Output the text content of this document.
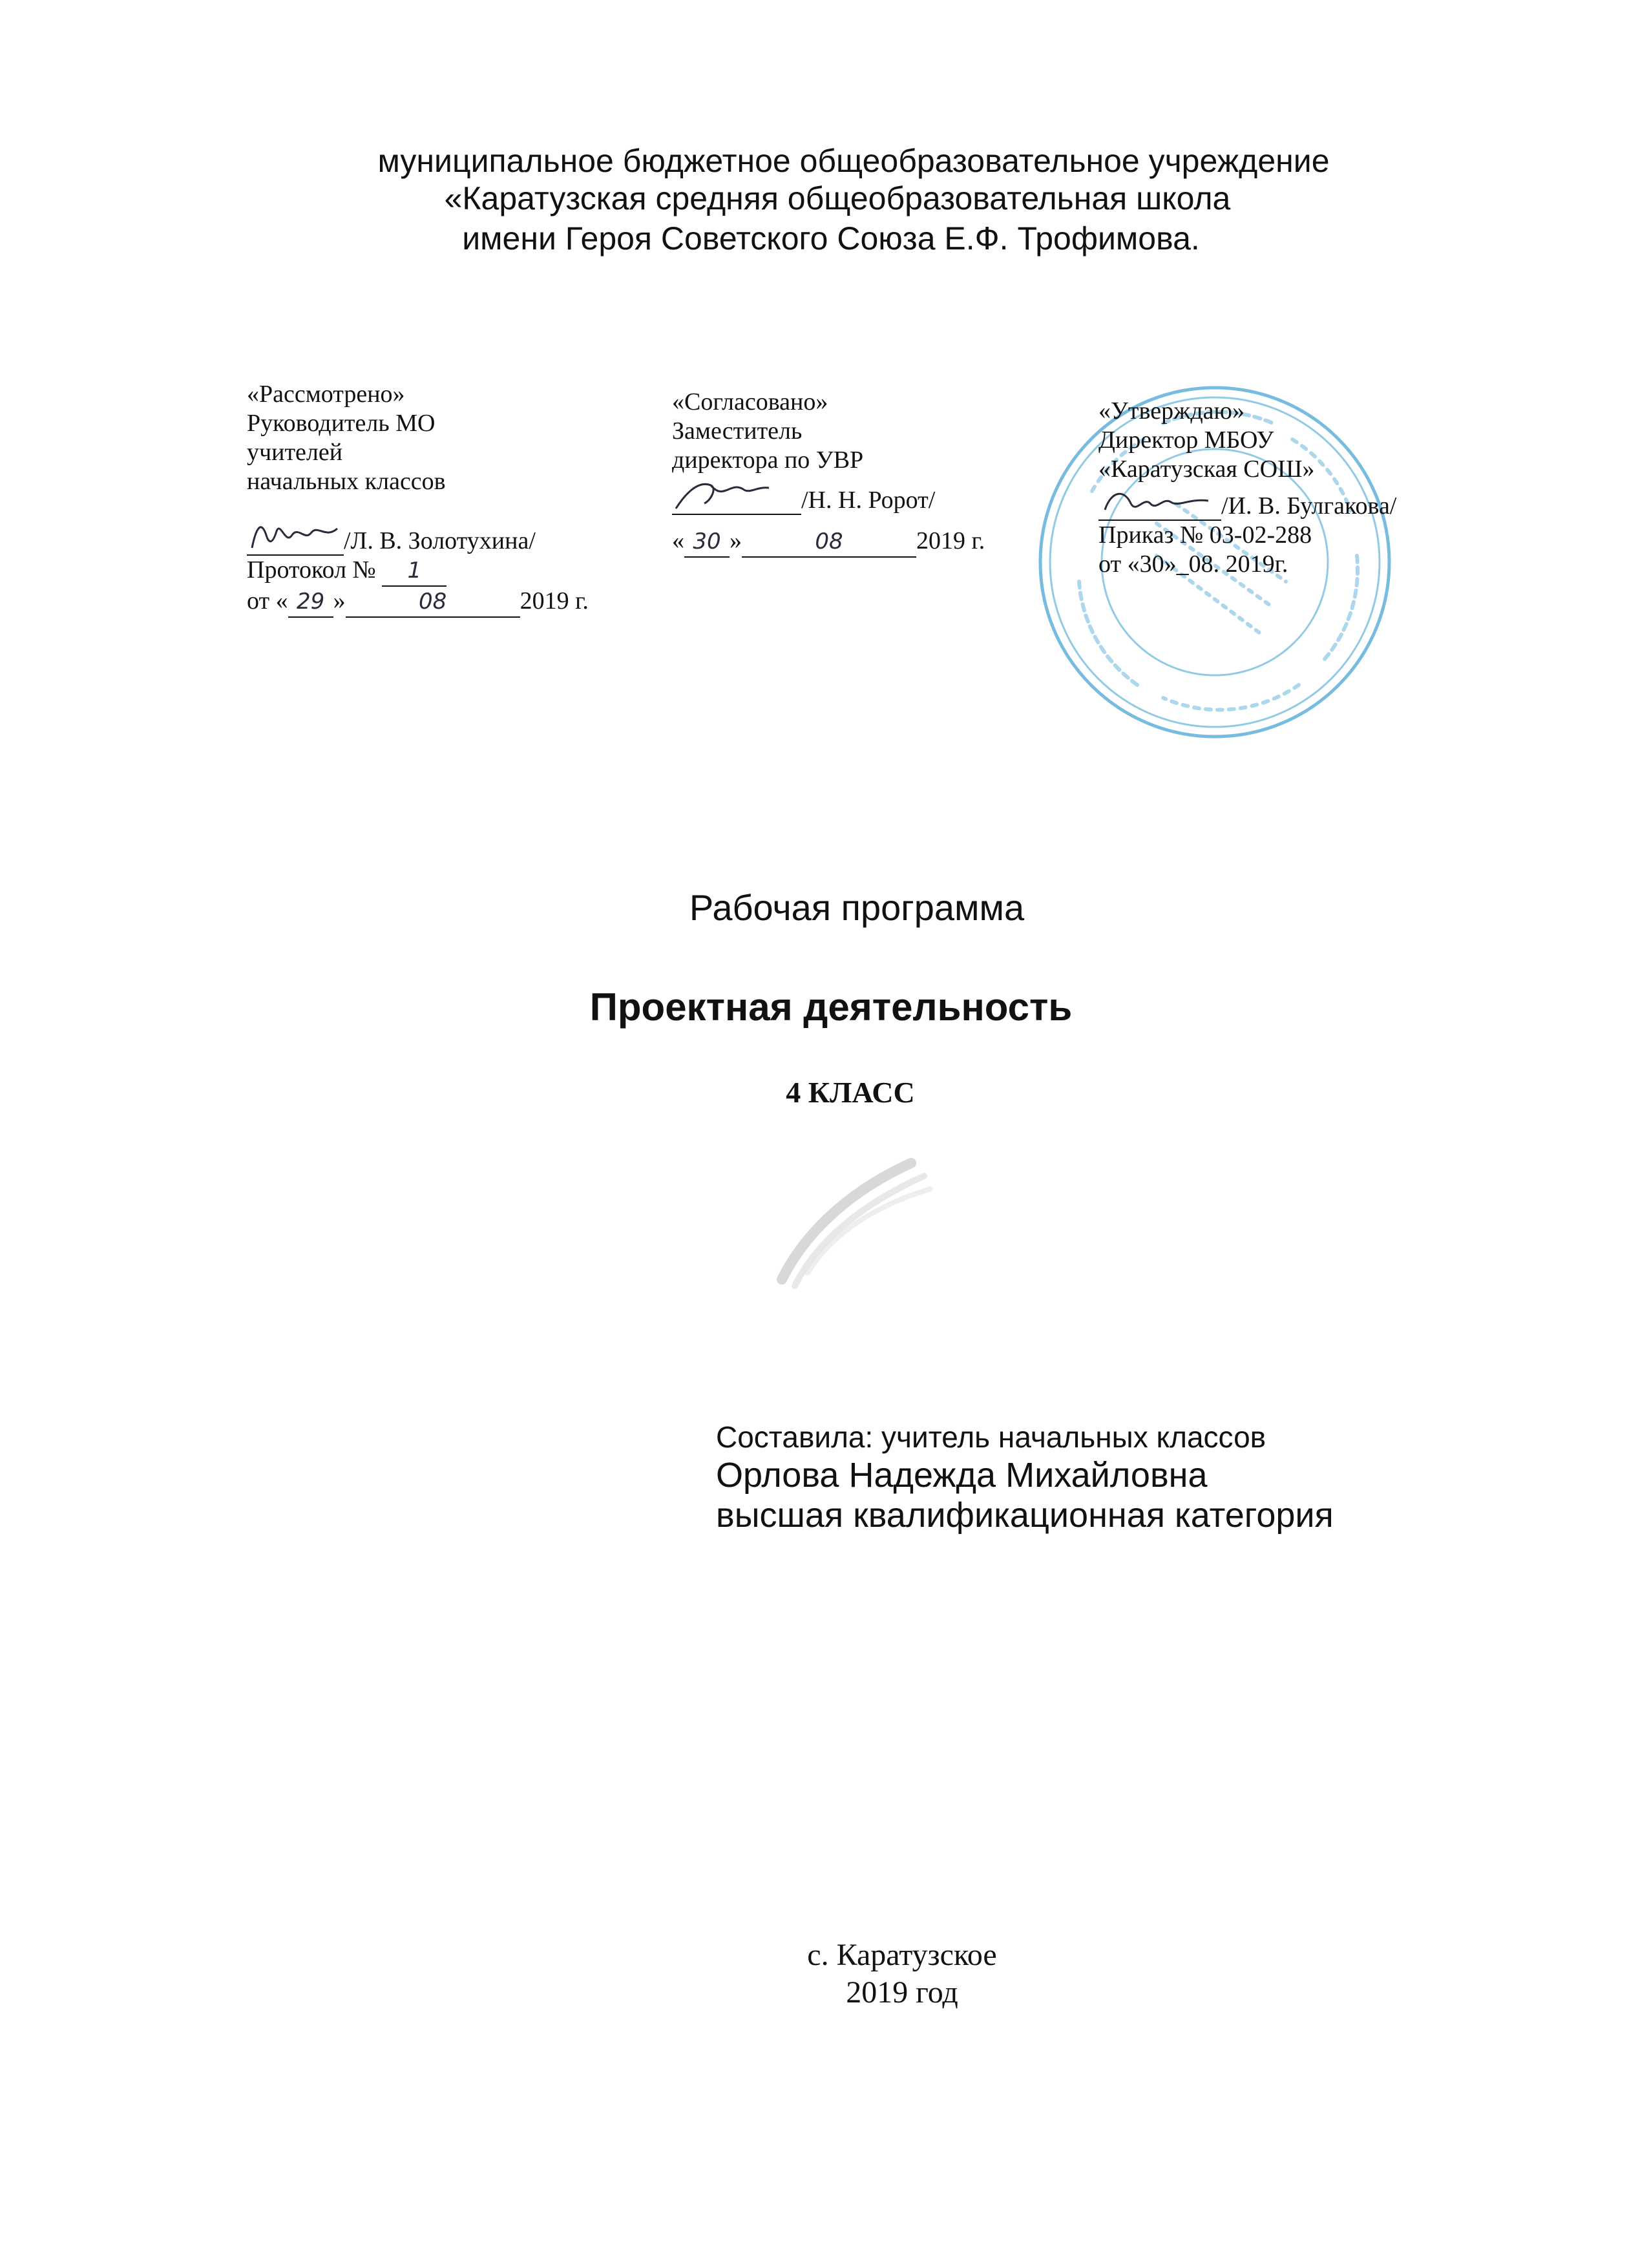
муниципальное бюджетное общеобразовательное учреждение
«Каратузская средняя общеобразовательная школа
имени Героя Советского Союза Е.Ф. Трофимова.
«Рассмотрено»
Руководитель МО
учителей
начальных классов
/Л. В. Золотухина/
Протокол № 1
от « 29 »	08	2019 г.
«Согласовано»
Заместитель
директора по УВР
/Н. Н. Ророт/
« 30 »	08	2019 г.
«Утверждаю»
Директор МБОУ
«Каратузская СОШ»
/И. В. Булгакова/
Приказ № 03-02-288
от «30»_08. 2019г.
Рабочая программа
Проектная деятельность
4 КЛАСС
Составила: учитель начальных классов
Орлова Надежда Михайловна
высшая квалификационная категория
с. Каратузское
2019 год
